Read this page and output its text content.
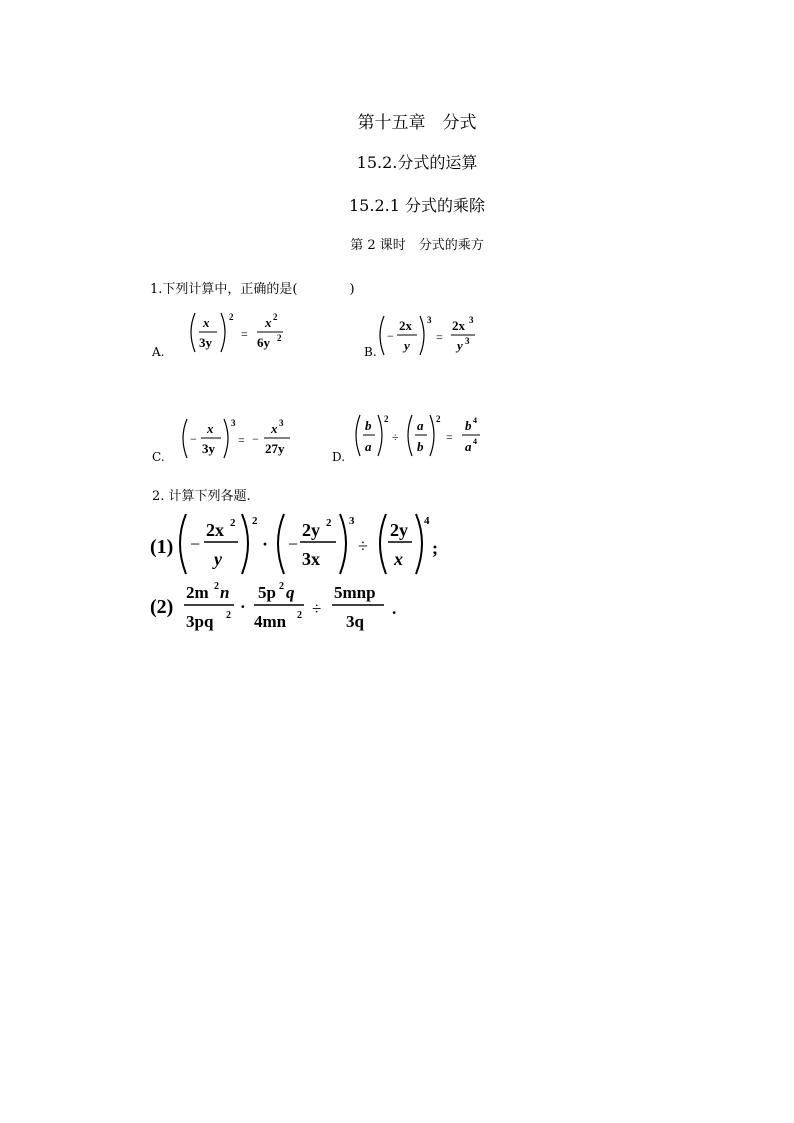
第十五章　分式
15.2.分式的运算
15.2.1 分式的乘除
第 2 课时　分式的乘方
1.下列计算中，正确的是(　　　　)
A.
x
3y
2
=
x 2
6y 2
B.
−
2x
y
3
=
2x 3
y 3
C.
−
x
3y
3
= −
x 3
27y
D.
b
a
2
÷
a
b
2
=
b 4
a 4
2. 计算下列各题.
(1) −
2x 2
y
2
· −
2y 2
3x
3
÷
2y
x
4
;
(2)
2m 2 n
3pq 2 ·
5p 2 q
4mn 2 ÷
5mnp
3q
.
